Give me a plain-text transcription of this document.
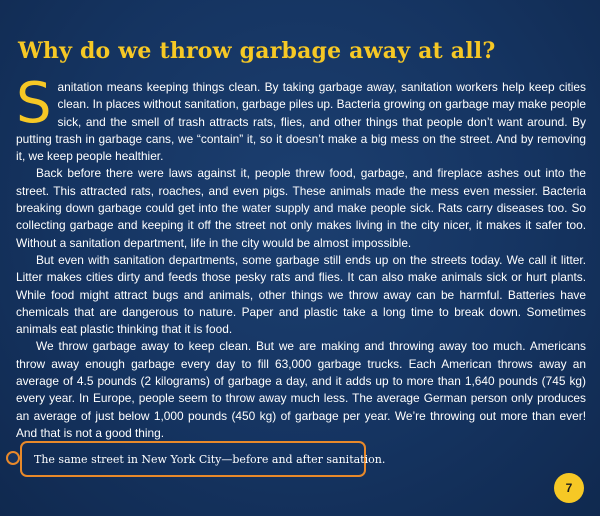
Why do we throw garbage away at all?

Sanitation means keeping things clean. By taking garbage away, sanitation workers help keep cities clean. In places without sanitation, garbage piles up. Bacteria growing on garbage may make people sick, and the smell of trash attracts rats, flies, and other things that people don’t want around. By putting trash in garbage cans, we “contain” it, so it doesn’t make a big mess on the street. And by removing it, we keep people healthier.

Back before there were laws against it, people threw food, garbage, and fireplace ashes out into the street. This attracted rats, roaches, and even pigs. These animals made the mess even messier. Bacteria breaking down garbage could get into the water supply and make people sick. Rats carry diseases too. So collecting garbage and keeping it off the street not only makes living in the city nicer, it makes it safer too. Without a sanitation department, life in the city would be almost impossible.

But even with sanitation departments, some garbage still ends up on the streets today. We call it litter. Litter makes cities dirty and feeds those pesky rats and flies. It can also make animals sick or hurt plants. While food might attract bugs and animals, other things we throw away can be harmful. Batteries have chemicals that are dangerous to nature. Paper and plastic take a long time to break down. Sometimes animals eat plastic thinking that it is food.

We throw garbage away to keep clean. But we are making and throwing away too much. Americans throw away enough garbage every day to fill 63,000 garbage trucks. Each American throws away an average of 4.5 pounds (2 kilograms) of garbage a day, and it adds up to more than 1,640 pounds (745 kg) every year. In Europe, people seem to throw away much less. The average German person only produces an average of just below 1,000 pounds (450 kg) of garbage per year. We’re throwing out more than ever! And that is not a good thing.

The same street in New York City—before and after sanitation.
7
